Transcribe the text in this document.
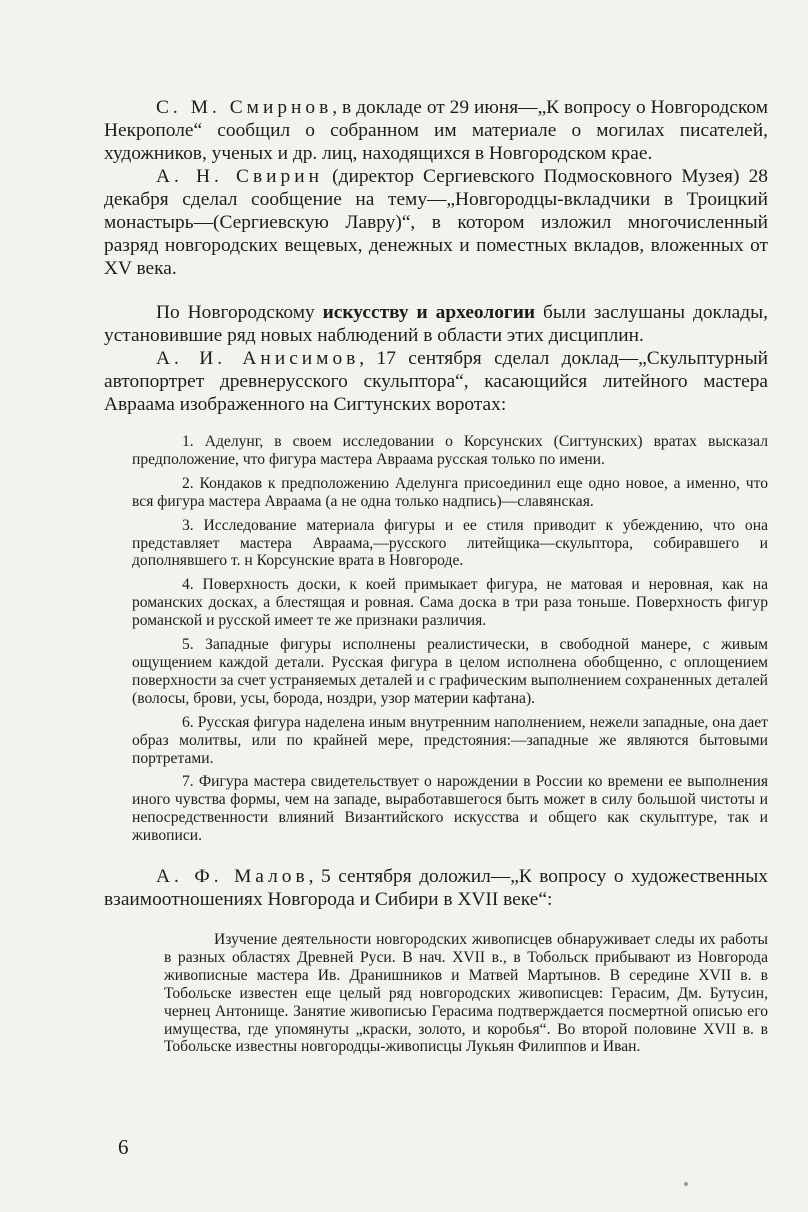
С. М. Смирнов, в докладе от 29 июня—„К вопросу о Новгородском Некрополе“ сообщил о собранном им материале о могилах писателей, художников, ученых и др. лиц, находящихся в Новгородском крае.

А. Н. Свирин (директор Сергиевского Подмосковного Музея) 28 декабря сделал сообщение на тему—„Новгородцы-вкладчики в Троицкий монастырь—(Сергиевскую Лавру)“, в котором изложил многочисленный разряд новгородских вещевых, денежных и поместных вкладов, вложенных от XV века.

По Новгородскому искусству и археологии были заслушаны доклады, установившие ряд новых наблюдений в области этих дисциплин.

А. И. Анисимов, 17 сентября сделал доклад—„Скульптурный автопортрет древнерусского скульптора“, касающийся литейного мастера Авраама изображенного на Сигтунских воротах:

1. Аделунг, в своем исследовании о Корсунских (Сигтунских) вратах высказал предположение, что фигура мастера Авраама русская только по имени.

2. Кондаков к предположению Аделунга присоединил еще одно новое, а именно, что вся фигура мастера Авраама (а не одна только надпись)—славянская.

3. Исследование материала фигуры и ее стиля приводит к убеждению, что она представляет мастера Авраама,—русского литейщика—скульптора, собиравшего и дополнявшего т. н Корсунские врата в Новгороде.

4. Поверхность доски, к коей примыкает фигура, не матовая и неровная, как на романских досках, а блестящая и ровная. Сама доска в три раза тоньше. Поверхность фигур романской и русской имеет те же признаки различия.

5. Западные фигуры исполнены реалистически, в свободной манере, с живым ощущением каждой детали. Русская фигура в целом исполнена обобщенно, с оплощением поверхности за счет устраняемых деталей и с графическим выполнением сохраненных деталей (волосы, брови, усы, борода, ноздри, узор материи кафтана).

6. Русская фигура наделена иным внутренним наполнением, нежели западные, она дает образ молитвы, или по крайней мере, предстояния:—западные же являются бытовыми портретами.

7. Фигура мастера свидетельствует о нарождении в России ко времени ее выполнения иного чувства формы, чем на западе, выработавшегося быть может в силу большой чистоты и непосредственности влияний Византийского искусства и общего как скульптуре, так и живописи.

А. Ф. Малов, 5 сентября доложил—„К вопросу о художественных взаимоотношениях Новгорода и Сибири в XVII веке“:

Изучение деятельности новгородских живописцев обнаруживает следы их работы в разных областях Древней Руси. В нач. XVII в., в Тобольск прибывают из Новгорода живописные мастера Ив. Дранишников и Матвей Мартынов. В середине XVII в. в Тобольске известен еще целый ряд новгородских живописцев: Герасим, Дм. Бутусин, чернец Антонище. Занятие живописью Герасима подтверждается посмертной описью его имущества, где упомянуты „краски, золото, и коробья“. Во второй половине XVII в. в Тобольске известны новгородцы-живописцы Лукьян Филиппов и Иван.

6
